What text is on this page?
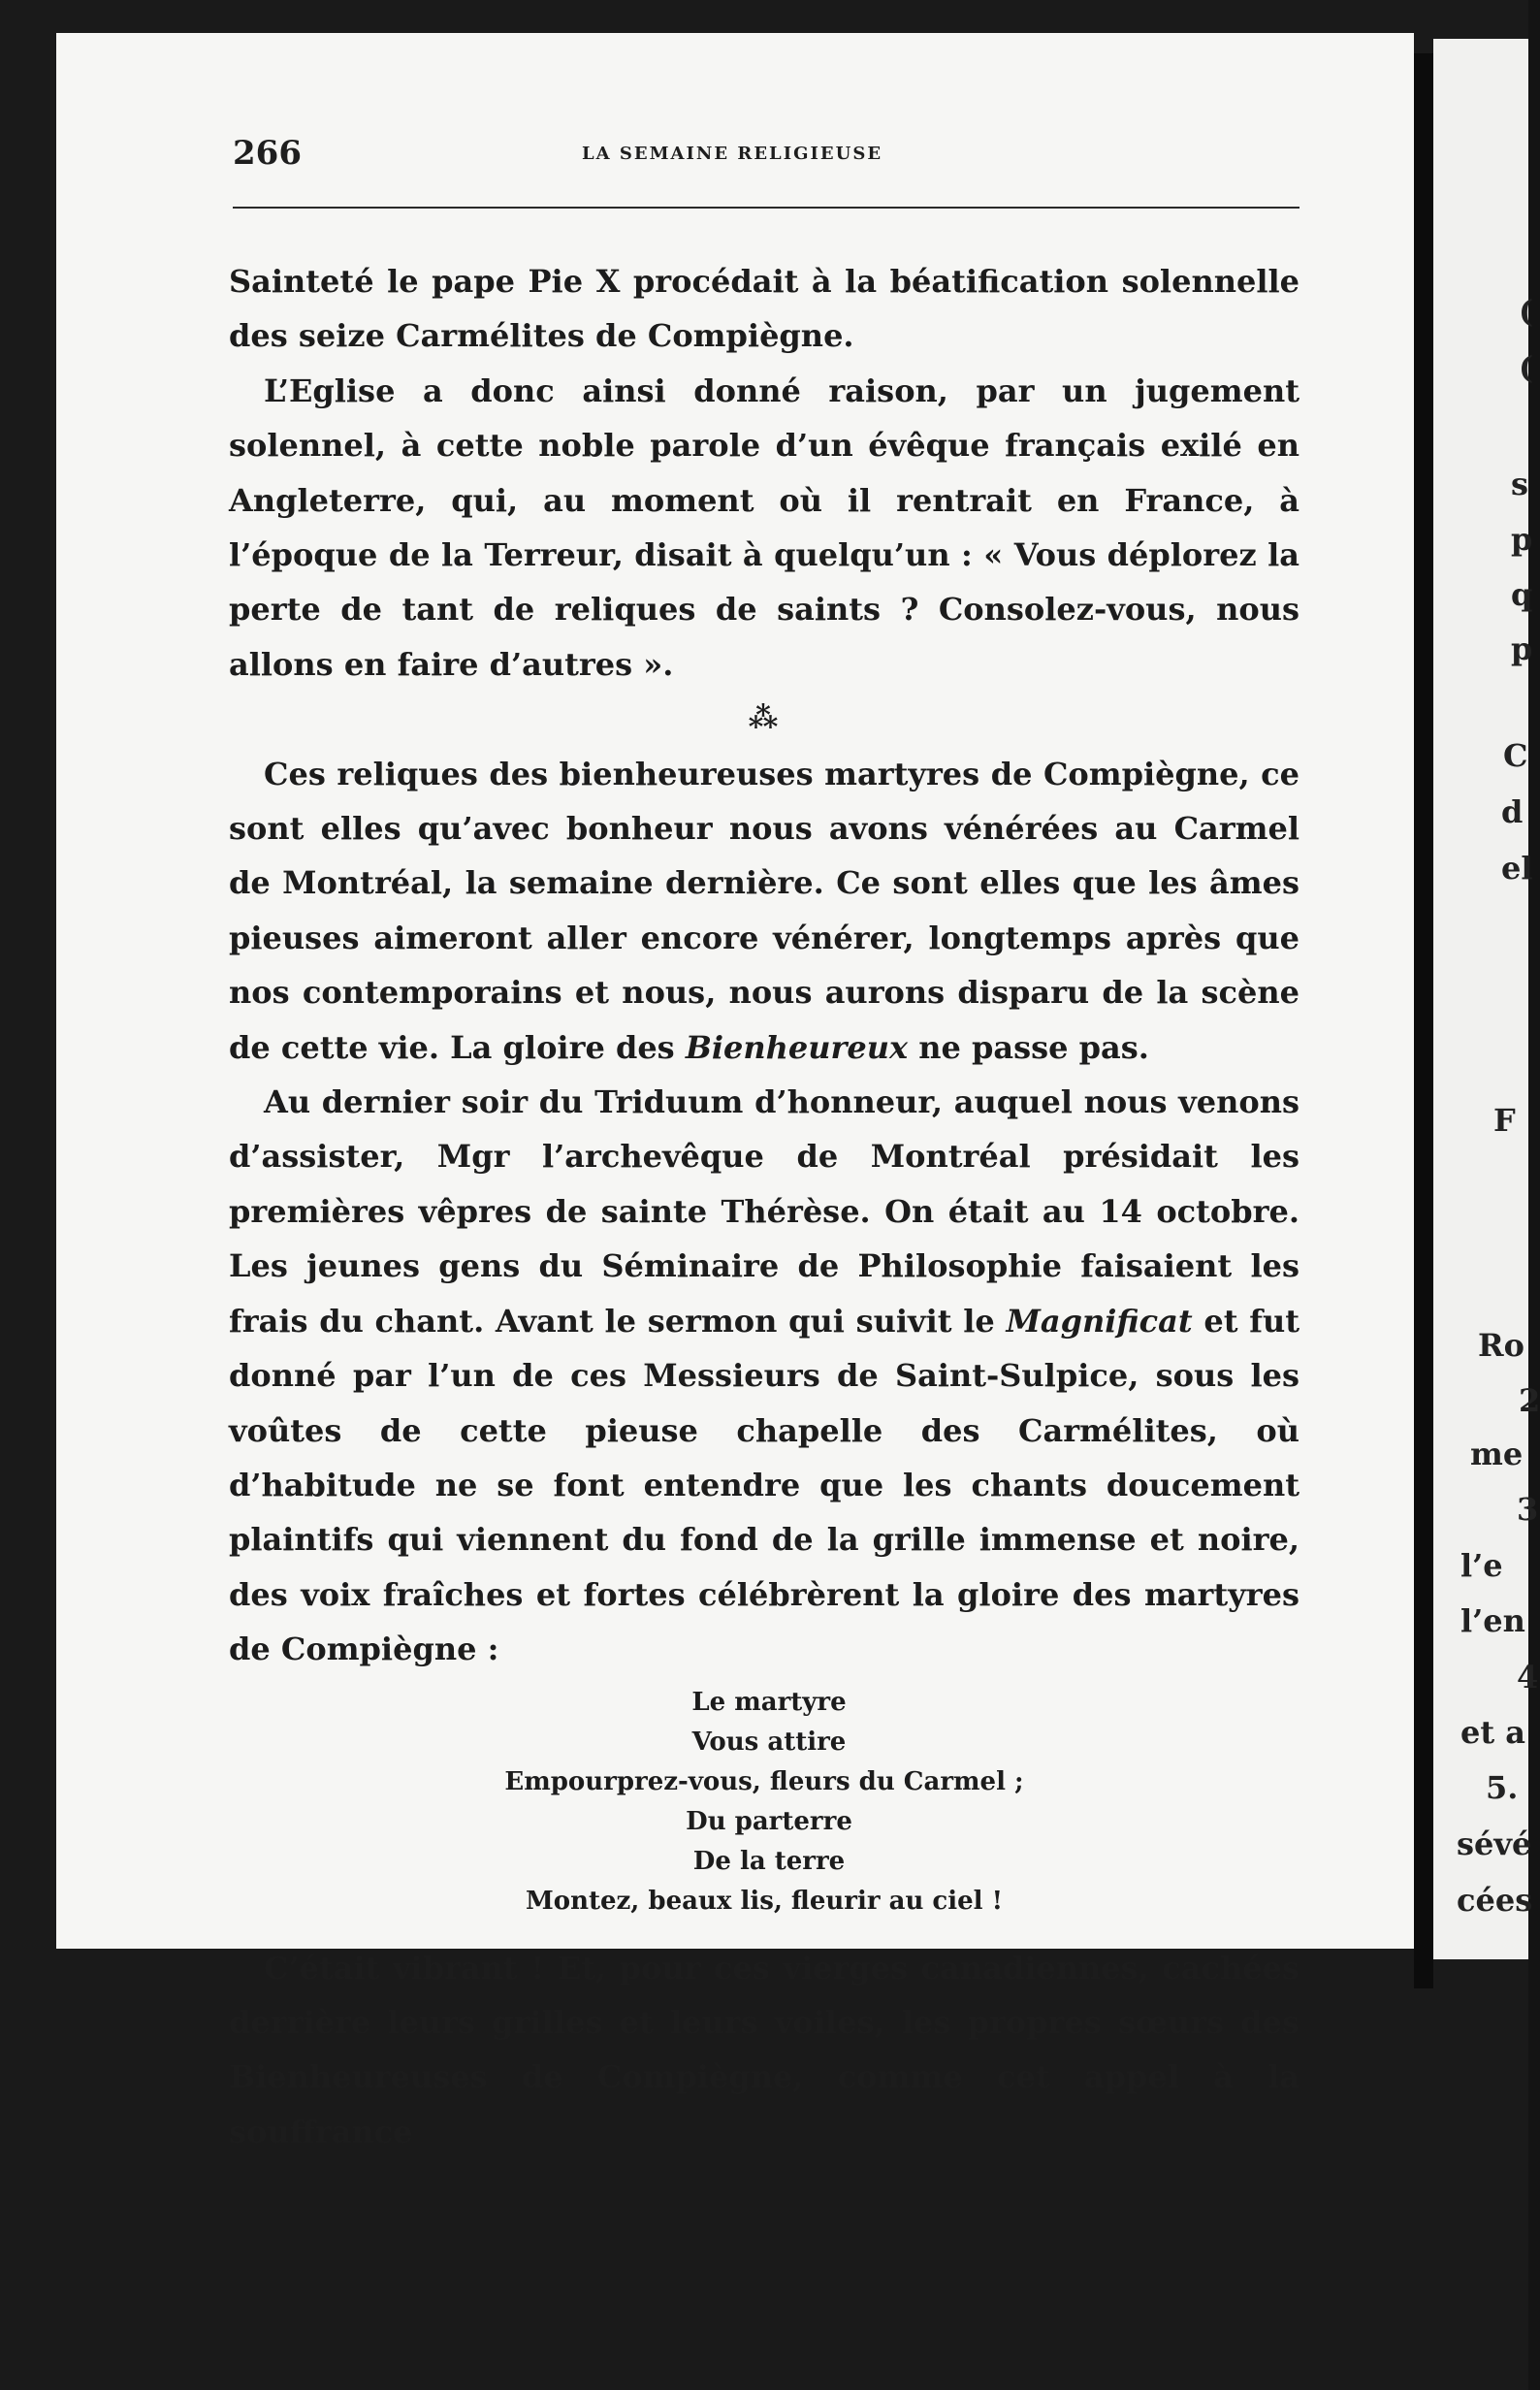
266	LA SEMAINE RELIGIEUSE

Sainteté le pape Pie X procédait à la béatification solennelle des seize Carmélites de Compiègne.

L’Eglise a donc ainsi donné raison, par un jugement solennel, à cette noble parole d’un évêque français exilé en Angleterre, qui, au moment où il rentrait en France, à l’époque de la Terreur, disait à quelqu’un : « Vous déplorez la perte de tant de reliques de saints ? Consolez-vous, nous allons en faire d’autres ».

⁂

Ces reliques des bienheureuses martyres de Compiègne, ce sont elles qu’avec bonheur nous avons vénérées au Carmel de Montréal, la semaine dernière. Ce sont elles que les âmes pieuses aimeront aller encore vénérer, longtemps après que nos contemporains et nous, nous aurons disparu de la scène de cette vie. La gloire des Bienheureux ne passe pas.

Au dernier soir du Triduum d’honneur, auquel nous venons d’assister, Mgr l’archevêque de Montréal présidait les premières vêpres de sainte Thérèse. On était au 14 octobre. Les jeunes gens du Séminaire de Philosophie faisaient les frais du chant. Avant le sermon qui suivit le Magnificat et fut donné par l’un de ces Messieurs de Saint-Sulpice, sous les voûtes de cette pieuse chapelle des Carmélites, où d’habitude ne se font entendre que les chants doucement plaintifs qui viennent du fond de la grille immense et noire, des voix fraîches et fortes célébrèrent la gloire des martyres de Compiègne :

Le martyre
Vous attire
Empourprez-vous, fleurs du Carmel ;
Du parterre
De la terre
Montez, beaux lis, fleurir au ciel !

C’était vibrant ! Et, pour ces vierges canadiennes, cachées derrière leurs grilles et leurs voiles, les propres sœurs des Bienheureuses de Compiègne, comme cet appel à la souffrance

(
(
s
p
q
p
C
d
el
F
Ro
2
me
3
l’e
l’en
4
et a
5.
sévé
cées
